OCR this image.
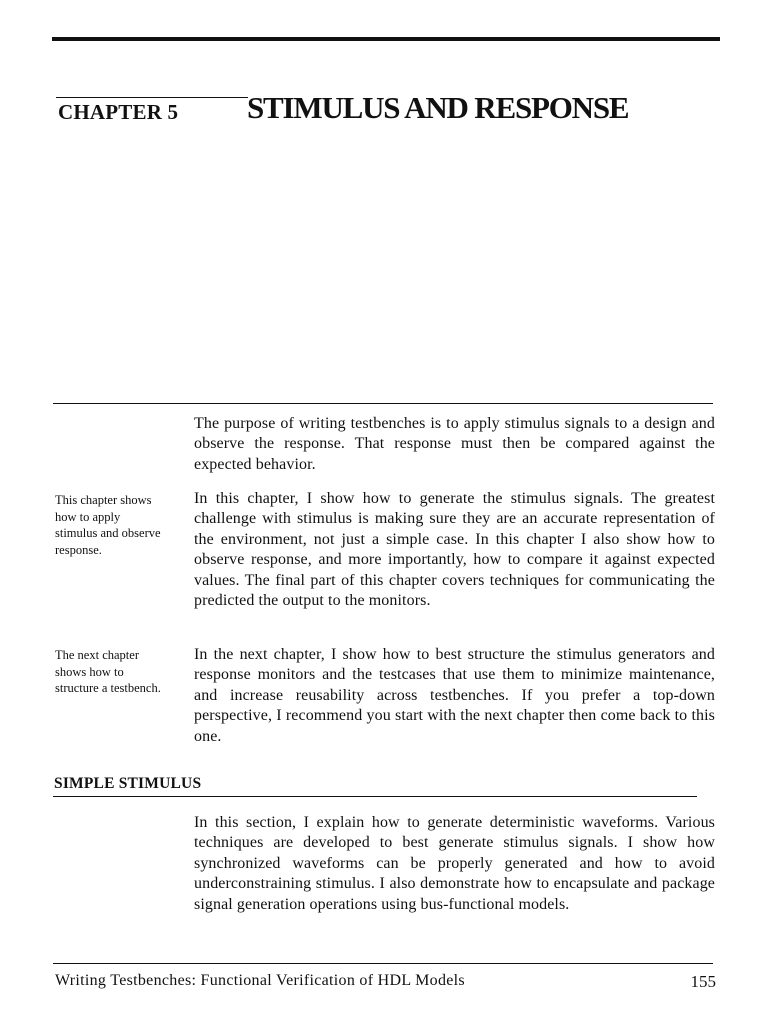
CHAPTER 5 STIMULUS AND RESPONSE
The purpose of writing testbenches is to apply stimulus signals to a design and observe the response. That response must then be compared against the expected behavior.
This chapter shows how to apply stimulus and observe response.
In this chapter, I show how to generate the stimulus signals. The greatest challenge with stimulus is making sure they are an accurate representation of the environment, not just a simple case. In this chapter I also show how to observe response, and more importantly, how to compare it against expected values. The final part of this chapter covers techniques for communicating the predicted the output to the monitors.
The next chapter shows how to structure a testbench.
In the next chapter, I show how to best structure the stimulus generators and response monitors and the testcases that use them to minimize maintenance, and increase reusability across testbenches. If you prefer a top-down perspective, I recommend you start with the next chapter then come back to this one.
SIMPLE STIMULUS
In this section, I explain how to generate deterministic waveforms. Various techniques are developed to best generate stimulus signals. I show how synchronized waveforms can be properly generated and how to avoid underconstraining stimulus. I also demonstrate how to encapsulate and package signal generation operations using bus-functional models.
Writing Testbenches: Functional Verification of HDL Models	155
